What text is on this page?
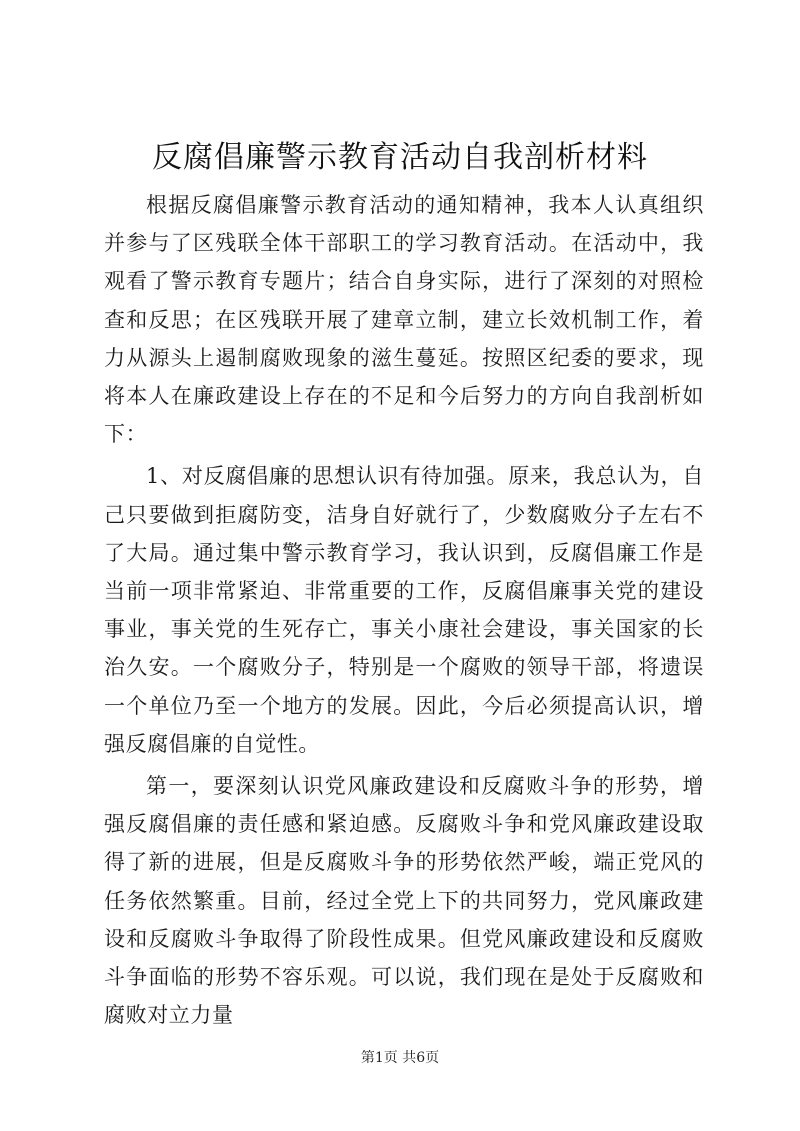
反腐倡廉警示教育活动自我剖析材料

根据反腐倡廉警示教育活动的通知精神，我本人认真组织并参与了区残联全体干部职工的学习教育活动。在活动中，我观看了警示教育专题片；结合自身实际，进行了深刻的对照检查和反思；在区残联开展了建章立制，建立长效机制工作，着力从源头上遏制腐败现象的滋生蔓延。按照区纪委的要求，现将本人在廉政建设上存在的不足和今后努力的方向自我剖析如下：

1、对反腐倡廉的思想认识有待加强。原来，我总认为，自己只要做到拒腐防变，洁身自好就行了，少数腐败分子左右不了大局。通过集中警示教育学习，我认识到，反腐倡廉工作是当前一项非常紧迫、非常重要的工作，反腐倡廉事关党的建设事业，事关党的生死存亡，事关小康社会建设，事关国家的长治久安。一个腐败分子，特别是一个腐败的领导干部，将遗误一个单位乃至一个地方的发展。因此，今后必须提高认识，增强反腐倡廉的自觉性。

第一，要深刻认识党风廉政建设和反腐败斗争的形势，增强反腐倡廉的责任感和紧迫感。反腐败斗争和党风廉政建设取得了新的进展，但是反腐败斗争的形势依然严峻，端正党风的任务依然繁重。目前，经过全党上下的共同努力，党风廉政建设和反腐败斗争取得了阶段性成果。但党风廉政建设和反腐败斗争面临的形势不容乐观。可以说，我们现在是处于反腐败和腐败对立力量

第1页 共6页
